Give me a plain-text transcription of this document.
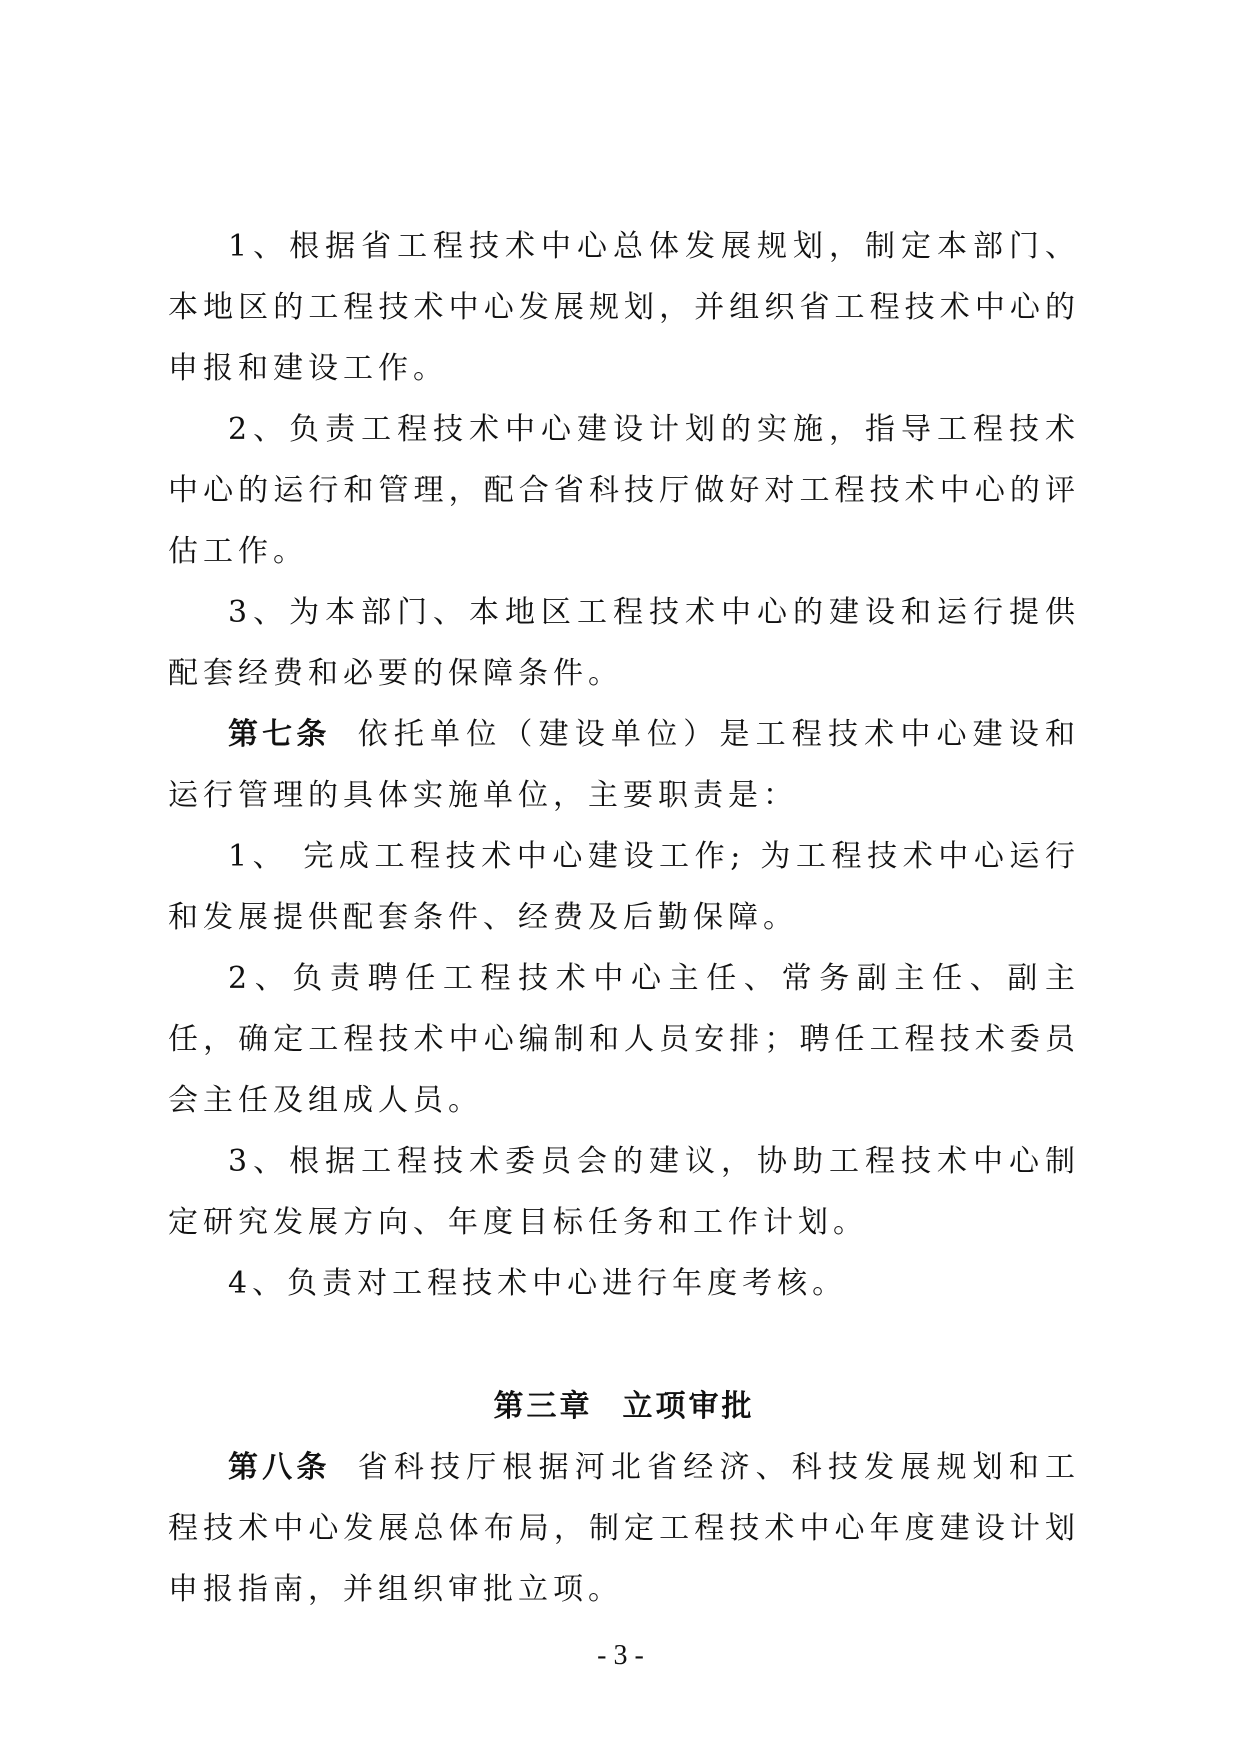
1、根据省工程技术中心总体发展规划，制定本部门、本地区的工程技术中心发展规划，并组织省工程技术中心的申报和建设工作。

2、负责工程技术中心建设计划的实施，指导工程技术中心的运行和管理，配合省科技厅做好对工程技术中心的评估工作。

3、为本部门、本地区工程技术中心的建设和运行提供配套经费和必要的保障条件。

第七条 依托单位（建设单位）是工程技术中心建设和运行管理的具体实施单位，主要职责是：

1、 完成工程技术中心建设工作; 为工程技术中心运行和发展提供配套条件、经费及后勤保障。

2、负责聘任工程技术中心主任、常务副主任、副主任，确定工程技术中心编制和人员安排；聘任工程技术委员会主任及组成人员。

3、根据工程技术委员会的建议，协助工程技术中心制定研究发展方向、年度目标任务和工作计划。

4、负责对工程技术中心进行年度考核。

第三章 立项审批

第八条 省科技厅根据河北省经济、科技发展规划和工程技术中心发展总体布局，制定工程技术中心年度建设计划申报指南，并组织审批立项。

- 3 -
